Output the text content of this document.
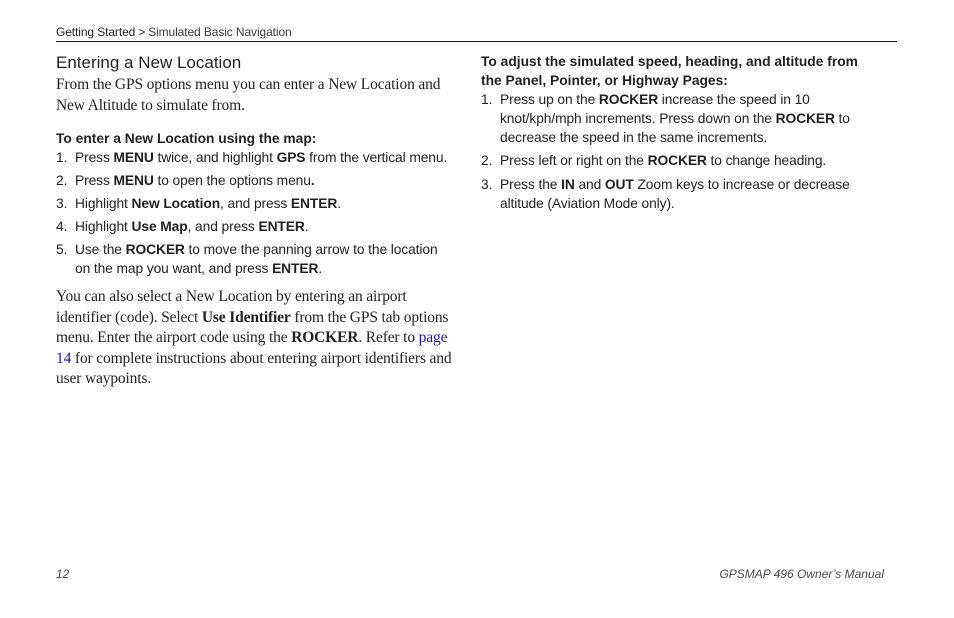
Getting Started > Simulated Basic Navigation
Entering a New Location
From the GPS options menu you can enter a New Location and New Altitude to simulate from.
To enter a New Location using the map:
1. Press MENU twice, and highlight GPS from the vertical menu.
2. Press MENU to open the options menu.
3. Highlight New Location, and press ENTER.
4. Highlight Use Map, and press ENTER.
5. Use the ROCKER to move the panning arrow to the location on the map you want, and press ENTER.
You can also select a New Location by entering an airport identifier (code). Select Use Identifier from the GPS tab options menu. Enter the airport code using the ROCKER. Refer to page 14 for complete instructions about entering airport identifiers and user waypoints.
To adjust the simulated speed, heading, and altitude from the Panel, Pointer, or Highway Pages:
1. Press up on the ROCKER increase the speed in 10 knot/kph/mph increments. Press down on the ROCKER to decrease the speed in the same increments.
2. Press left or right on the ROCKER to change heading.
3. Press the IN and OUT Zoom keys to increase or decrease altitude (Aviation Mode only).
12	GPSMAP 496 Owner’s Manual
